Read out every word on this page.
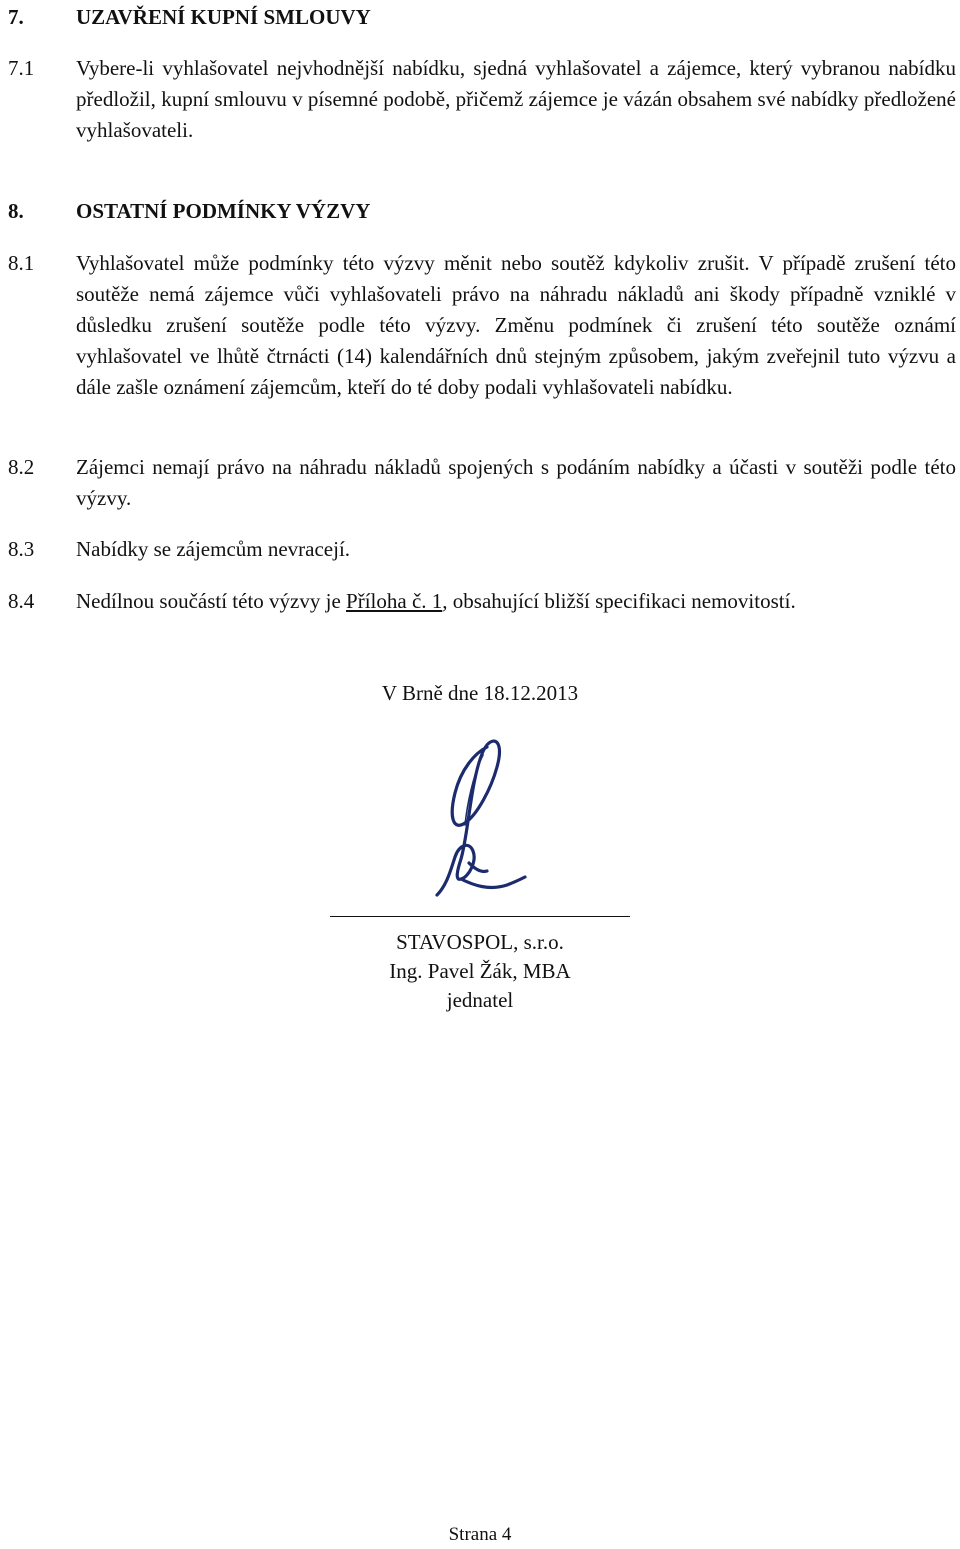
7. UZAVŘENÍ KUPNÍ SMLOUVY
7.1 Vybere-li vyhlašovatel nejvhodnější nabídku, sjedná vyhlašovatel a zájemce, který vybranou nabídku předložil, kupní smlouvu v písemné podobě, přičemž zájemce je vázán obsahem své nabídky předložené vyhlašovateli.
8. OSTATNÍ PODMÍNKY VÝZVY
8.1 Vyhlašovatel může podmínky této výzvy měnit nebo soutěž kdykoliv zrušit. V případě zrušení této soutěže nemá zájemce vůči vyhlašovateli právo na náhradu nákladů ani škody případně vzniklé v důsledku zrušení soutěže podle této výzvy. Změnu podmínek či zrušení této soutěže oznámí vyhlašovatel ve lhůtě čtrnácti (14) kalendářních dnů stejným způsobem, jakým zveřejnil tuto výzvu a dále zašle oznámení zájemcům, kteří do té doby podali vyhlašovateli nabídku.
8.2 Zájemci nemají právo na náhradu nákladů spojených s podáním nabídky a účasti v soutěži podle této výzvy.
8.3 Nabídky se zájemcům nevracejí.
8.4 Nedílnou součástí této výzvy je Příloha č. 1, obsahující bližší specifikaci nemovitostí.
V Brně dne 18.12.2013
STAVOSPOL, s.r.o.
Ing. Pavel Žák, MBA
jednatel
Strana 4
